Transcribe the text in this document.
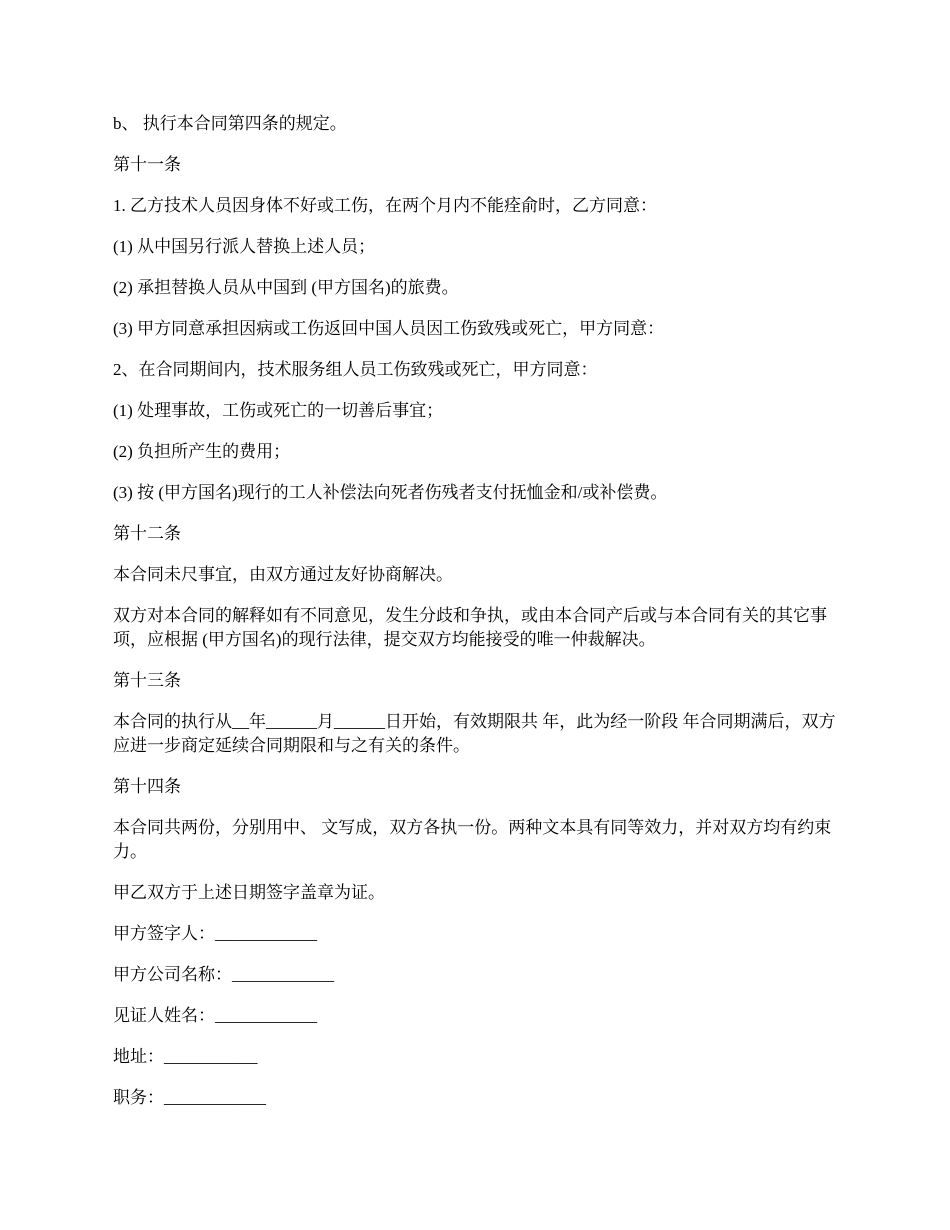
b、 执行本合同第四条的规定。

第十一条

1. 乙方技术人员因身体不好或工伤，在两个月内不能痊俞时，乙方同意：

(1) 从中国另行派人替换上述人员；

(2) 承担替换人员从中国到 (甲方国名)的旅费。

(3) 甲方同意承担因病或工伤返回中国人员因工伤致残或死亡，甲方同意：

2、在合同期间内，技术服务组人员工伤致残或死亡，甲方同意：

(1) 处理事故，工伤或死亡的一切善后事宜；

(2) 负担所产生的费用；

(3) 按 (甲方国名)现行的工人补偿法向死者伤残者支付抚恤金和/或补偿费。

第十二条

本合同未尺事宜，由双方通过友好协商解决。

双方对本合同的解释如有不同意见，发生分歧和争执，或由本合同产后或与本合同有关的其它事项，应根据 (甲方国名)的现行法律，提交双方均能接受的唯一仲裁解决。

第十三条

本合同的执行从__年______月______日开始，有效期限共 年，此为经一阶段 年合同期满后，双方应进一步商定延续合同期限和与之有关的条件。

第十四条

本合同共两份，分别用中、 文写成，双方各执一份。两种文本具有同等效力，并对双方均有约束力。

甲乙双方于上述日期签字盖章为证。

甲方签字人：____________

甲方公司名称：____________

见证人姓名：____________

地址：___________

职务：____________
